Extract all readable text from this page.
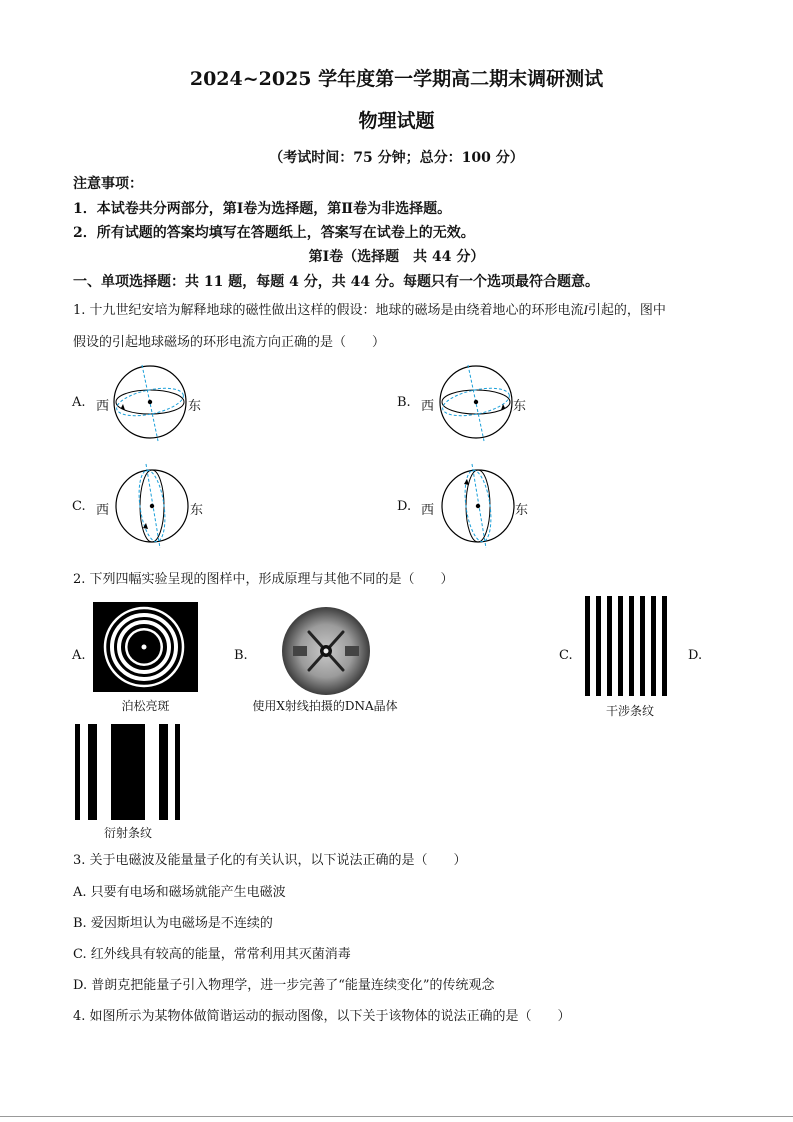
2024~2025 学年度第一学期高二期末调研测试
物理试题
（考试时间：75 分钟；总分：100 分）
注意事项：
1．本试卷共分两部分，第Ⅰ卷为选择题，第Ⅱ卷为非选择题。
2．所有试题的答案均填写在答题纸上，答案写在试卷上的无效。
第Ⅰ卷（选择题　共 44 分）
一、单项选择题：共 11 题，每题 4 分，共 44 分。每题只有一个选项最符合题意。
1. 十九世纪安培为解释地球的磁性做出这样的假设：地球的磁场是由绕着地心的环形电流I引起的，图中
假设的引起地球磁场的环形电流方向正确的是（　　）
A. 西	东	B. 西	东
C. 西	东	D. 西	东
2. 下列四幅实验呈现的图样中，形成原理与其他不同的是（　　）
A.
泊松亮斑
B.
使用X射线拍摄的DNA晶体
C.
干涉条纹
D.
衍射条纹
3. 关于电磁波及能量量子化的有关认识，以下说法正确的是（　　）
A. 只要有电场和磁场就能产生电磁波
B. 爱因斯坦认为电磁场是不连续的
C. 红外线具有较高的能量，常常利用其灭菌消毒
D. 普朗克把能量子引入物理学，进一步完善了“能量连续变化”的传统观念
4. 如图所示为某物体做简谐运动的振动图像，以下关于该物体的说法正确的是（　　）
